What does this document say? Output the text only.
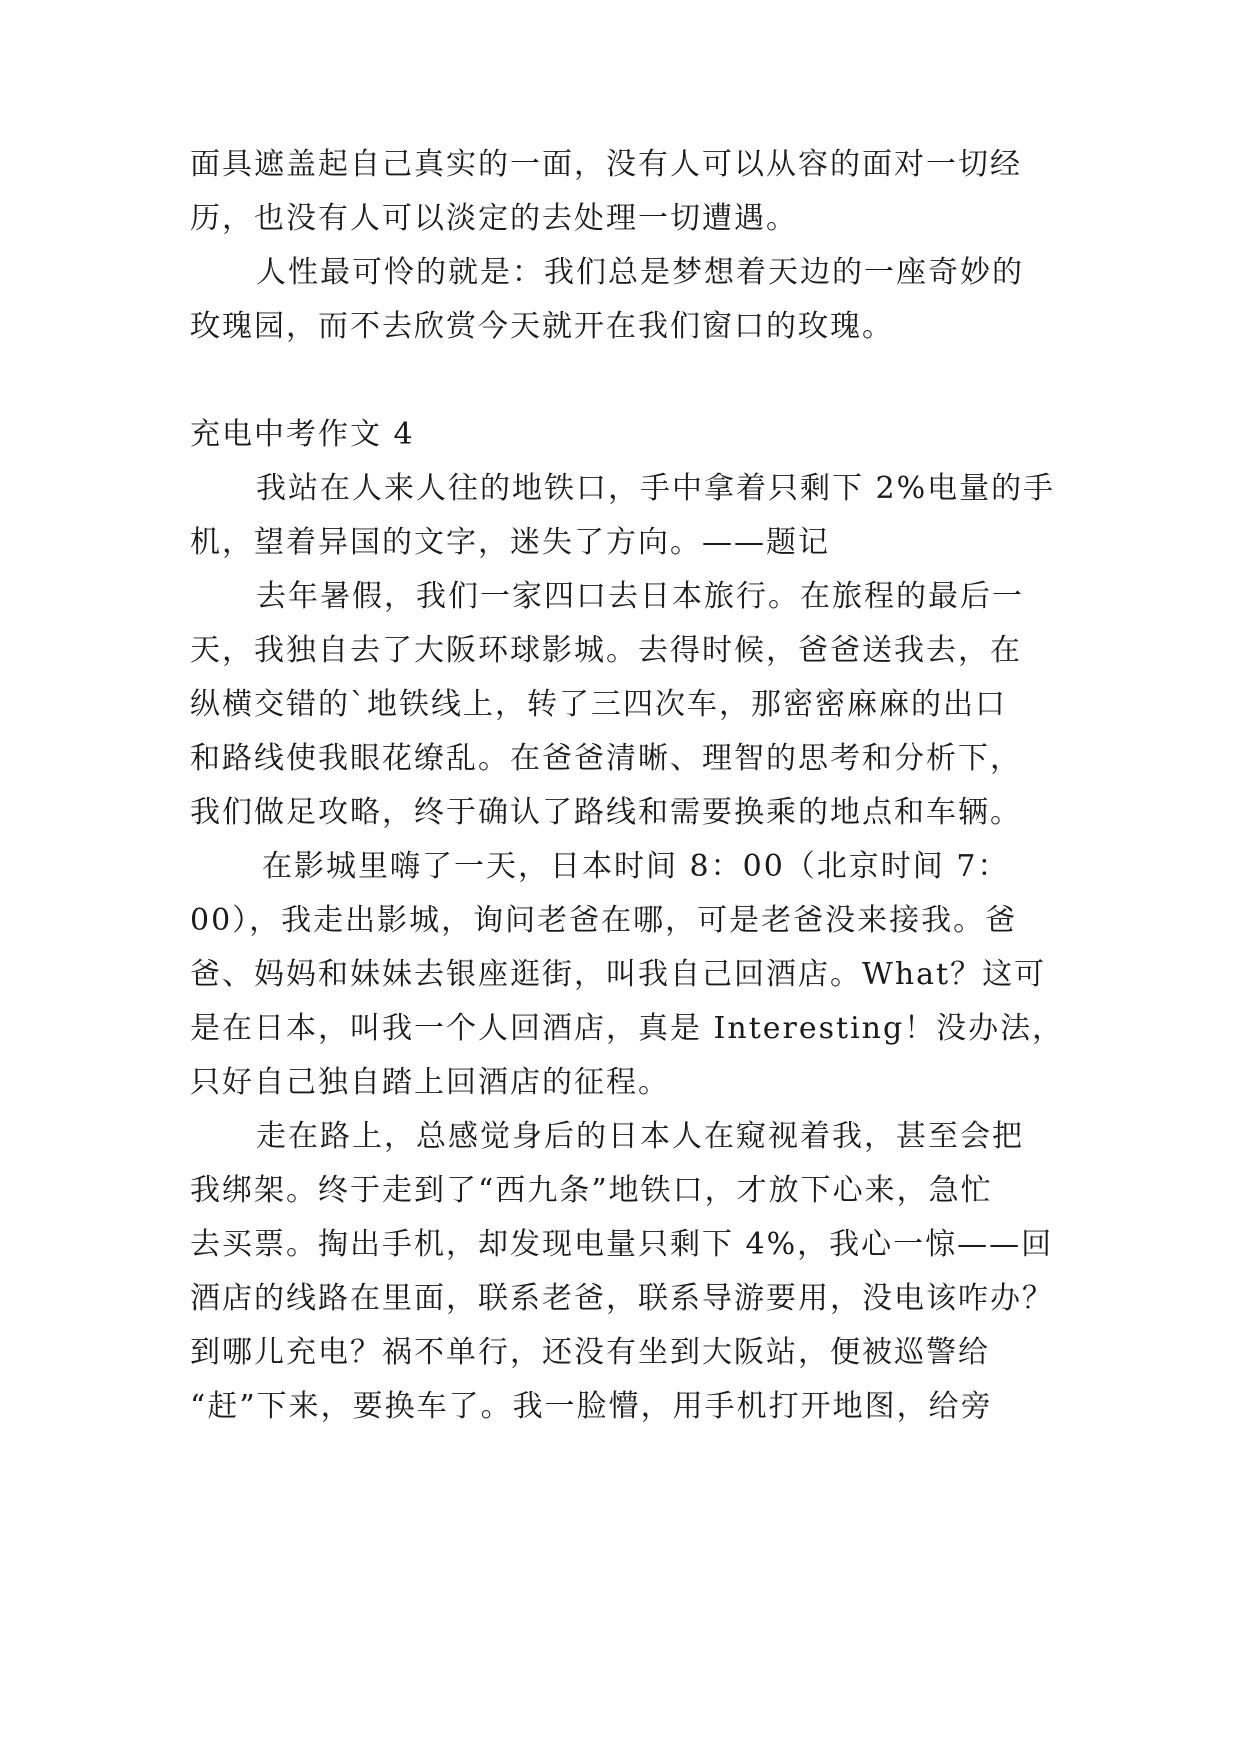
面具遮盖起自己真实的一面，没有人可以从容的面对一切经
历，也没有人可以淡定的去处理一切遭遇。
人性最可怜的就是：我们总是梦想着天边的一座奇妙的
玫瑰园，而不去欣赏今天就开在我们窗口的玫瑰。
充电中考作文 4
我站在人来人往的地铁口，手中拿着只剩下 2%电量的手
机，望着异国的文字，迷失了方向。——题记
去年暑假，我们一家四口去日本旅行。在旅程的最后一
天，我独自去了大阪环球影城。去得时候，爸爸送我去，在
纵横交错的`地铁线上，转了三四次车，那密密麻麻的出口
和路线使我眼花缭乱。在爸爸清晰、理智的思考和分析下，
我们做足攻略，终于确认了路线和需要换乘的地点和车辆。
在影城里嗨了一天，日本时间 8：00（北京时间 7：
00），我走出影城，询问老爸在哪，可是老爸没来接我。爸
爸、妈妈和妹妹去银座逛街，叫我自己回酒店。What？这可
是在日本，叫我一个人回酒店，真是 Interesting！没办法，
只好自己独自踏上回酒店的征程。
走在路上，总感觉身后的日本人在窥视着我，甚至会把
我绑架。终于走到了“西九条”地铁口，才放下心来，急忙
去买票。掏出手机，却发现电量只剩下 4%，我心一惊——回
酒店的线路在里面，联系老爸，联系导游要用，没电该咋办？
到哪儿充电？祸不单行，还没有坐到大阪站，便被巡警给
“赶”下来，要换车了。我一脸懵，用手机打开地图，给旁
